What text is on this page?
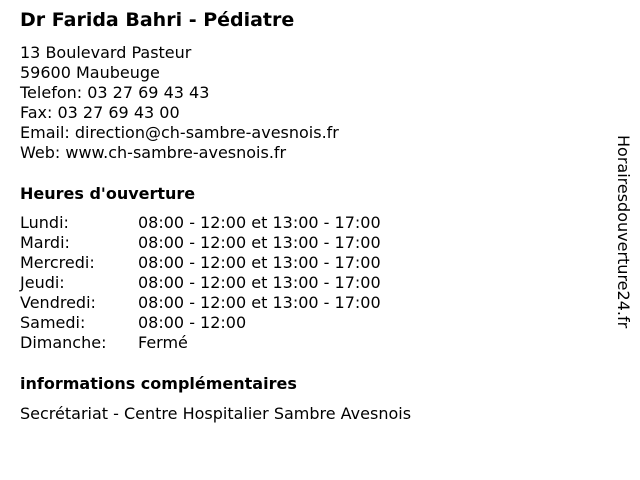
Dr Farida Bahri - Pédiatre
13 Boulevard Pasteur
59600 Maubeuge
Telefon: 03 27 69 43 43
Fax: 03 27 69 43 00
Email: direction@ch-sambre-avesnois.fr
Web: www.ch-sambre-avesnois.fr
Heures d'ouverture
Lundi:	08:00 - 12:00 et 13:00 - 17:00
Mardi:	08:00 - 12:00 et 13:00 - 17:00
Mercredi:	08:00 - 12:00 et 13:00 - 17:00
Jeudi:	08:00 - 12:00 et 13:00 - 17:00
Vendredi:	08:00 - 12:00 et 13:00 - 17:00
Samedi:	08:00 - 12:00
Dimanche:	Fermé
informations complémentaires
Secrétariat - Centre Hospitalier Sambre Avesnois
Horairesdouverture24.fr
